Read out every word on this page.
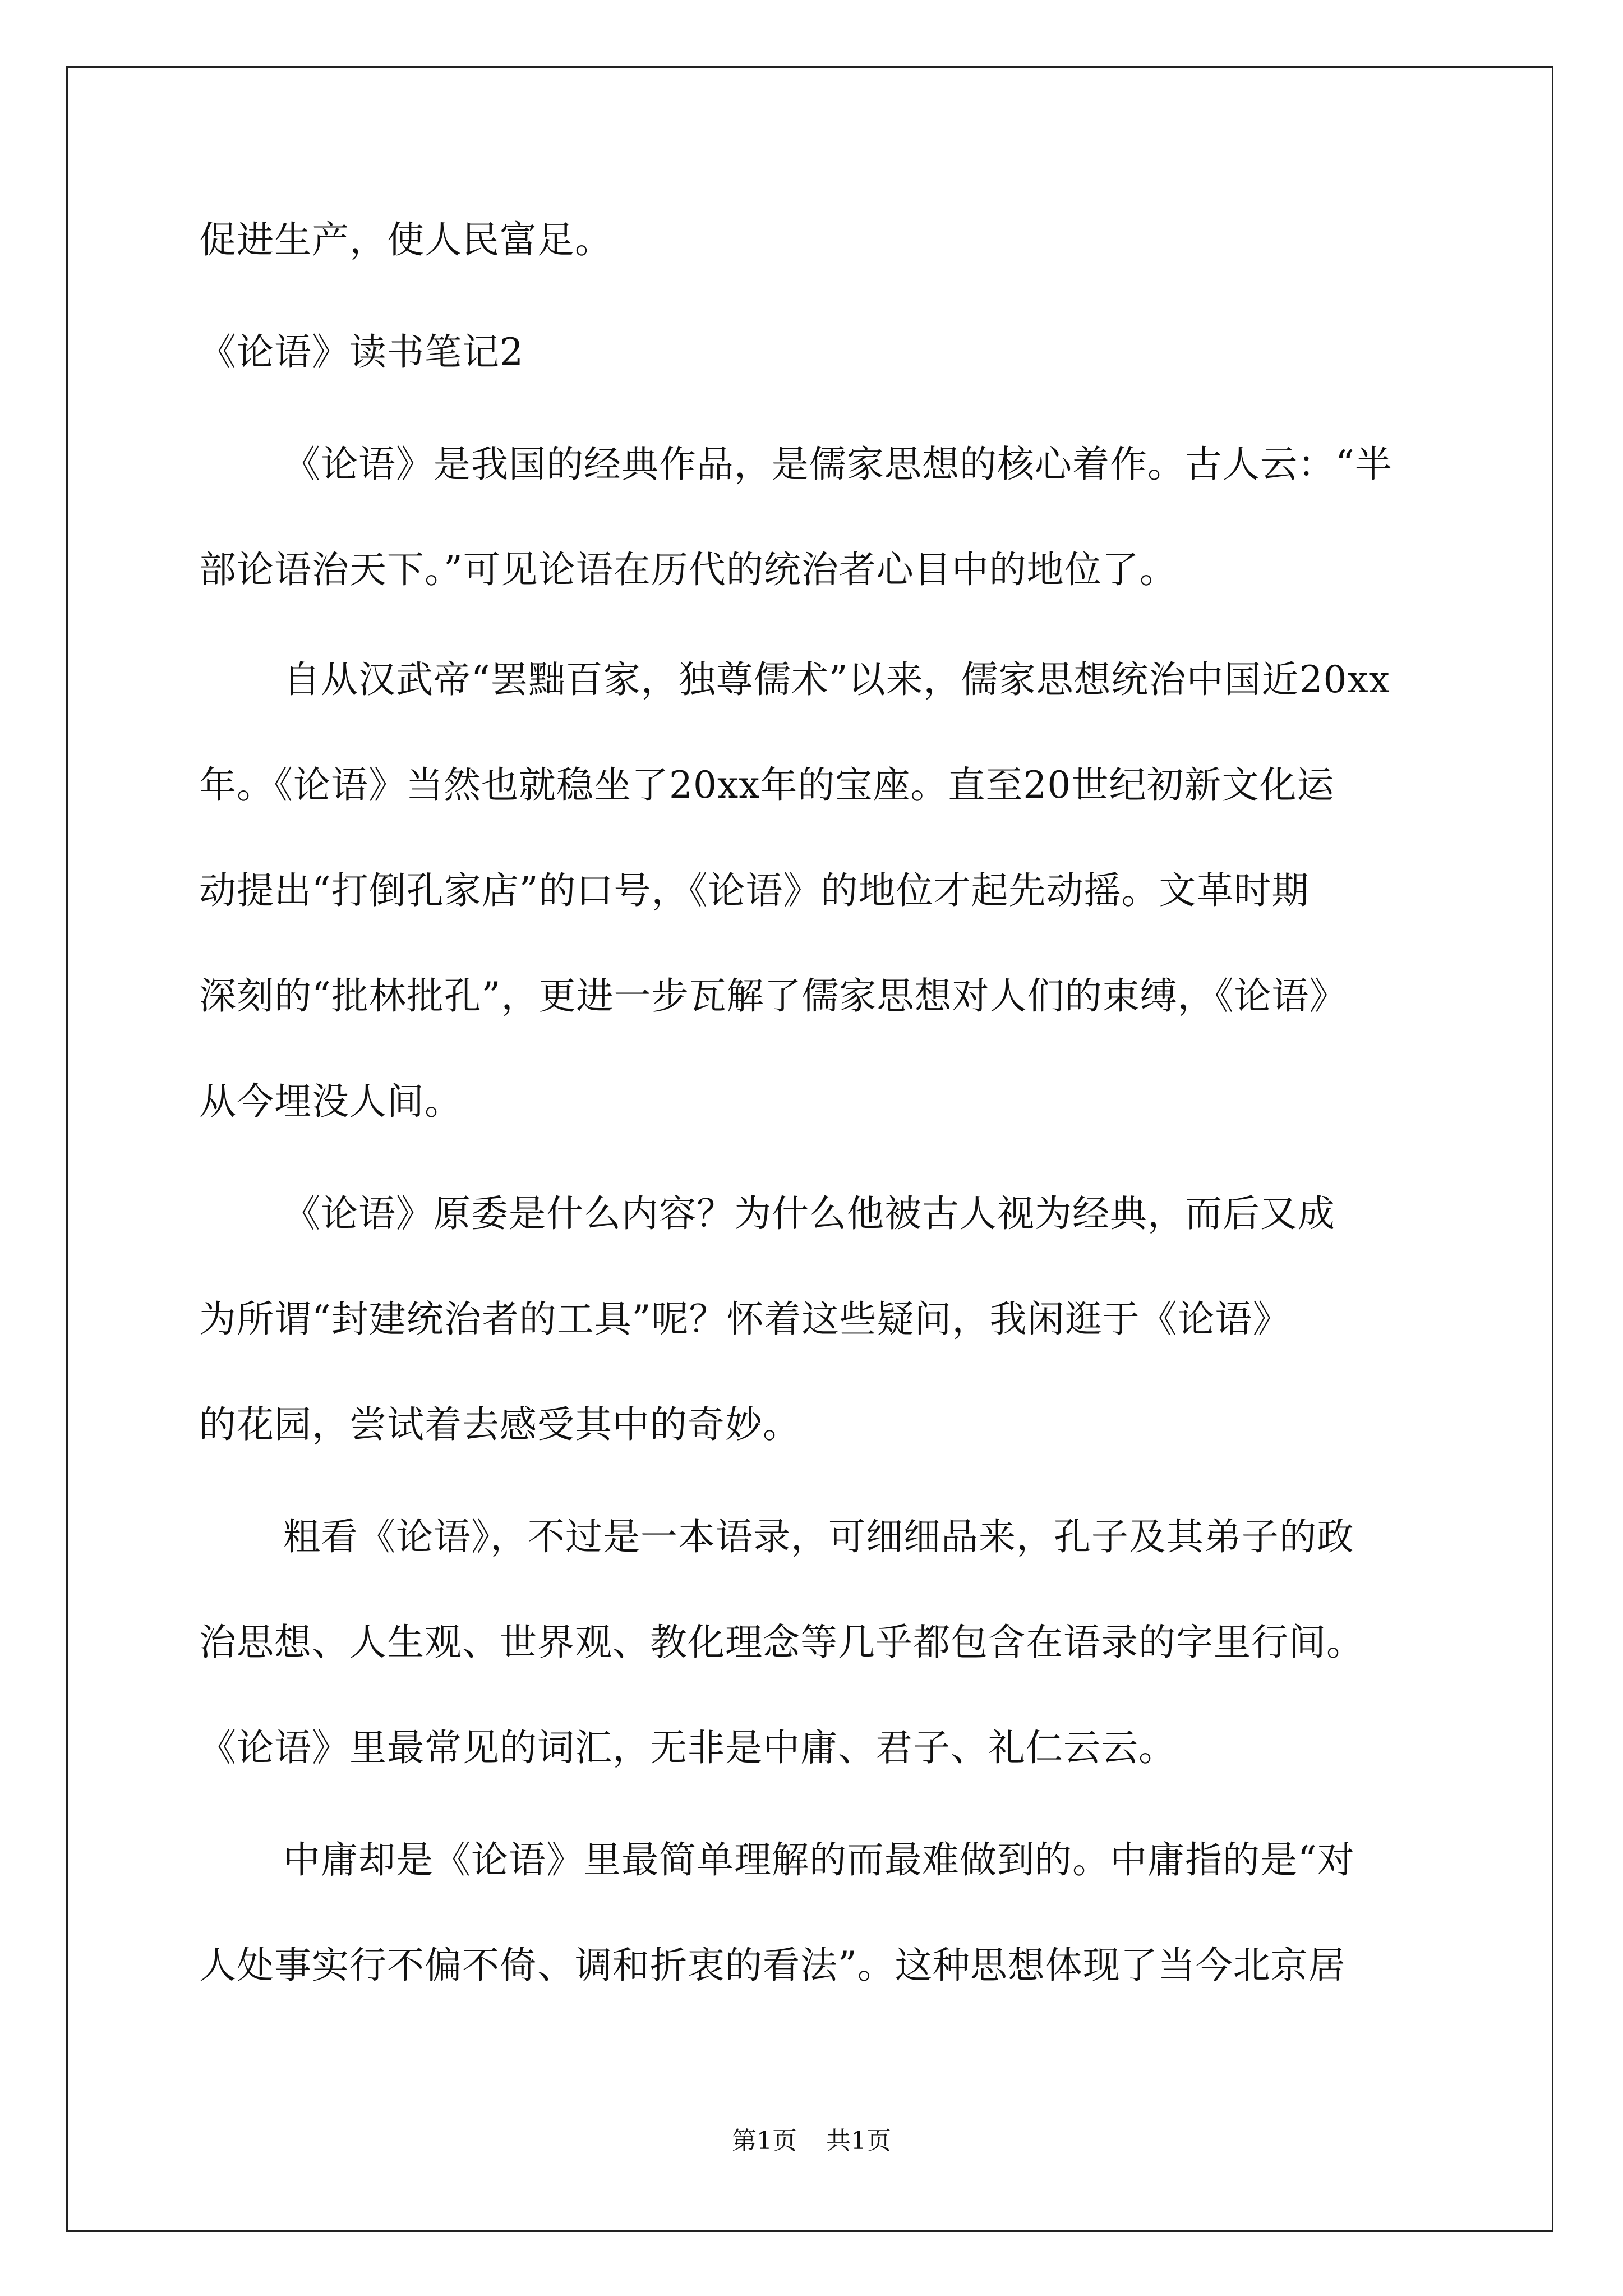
促进生产，使人民富足。
《论语》读书笔记2
《论语》是我国的经典作品，是儒家思想的核心着作。古人云：“半
部论语治天下。”可见论语在历代的统治者心目中的地位了。
自从汉武帝“罢黜百家，独尊儒术”以来，儒家思想统治中国近20xx
年。《论语》当然也就稳坐了20xx年的宝座。直至20世纪初新文化运
动提出“打倒孔家店”的口号，《论语》的地位才起先动摇。文革时期
深刻的“批林批孔”，更进一步瓦解了儒家思想对人们的束缚，《论语》
从今埋没人间。
《论语》原委是什么内容？为什么他被古人视为经典，而后又成
为所谓“封建统治者的工具”呢？怀着这些疑问，我闲逛于《论语》
的花园，尝试着去感受其中的奇妙。
粗看《论语》，不过是一本语录，可细细品来，孔子及其弟子的政
治思想、人生观、世界观、教化理念等几乎都包含在语录的字里行间。
《论语》里最常见的词汇，无非是中庸、君子、礼仁云云。
中庸却是《论语》里最简单理解的而最难做到的。中庸指的是“对
人处事实行不偏不倚、调和折衷的看法”。这种思想体现了当今北京居
第1页 共1页
